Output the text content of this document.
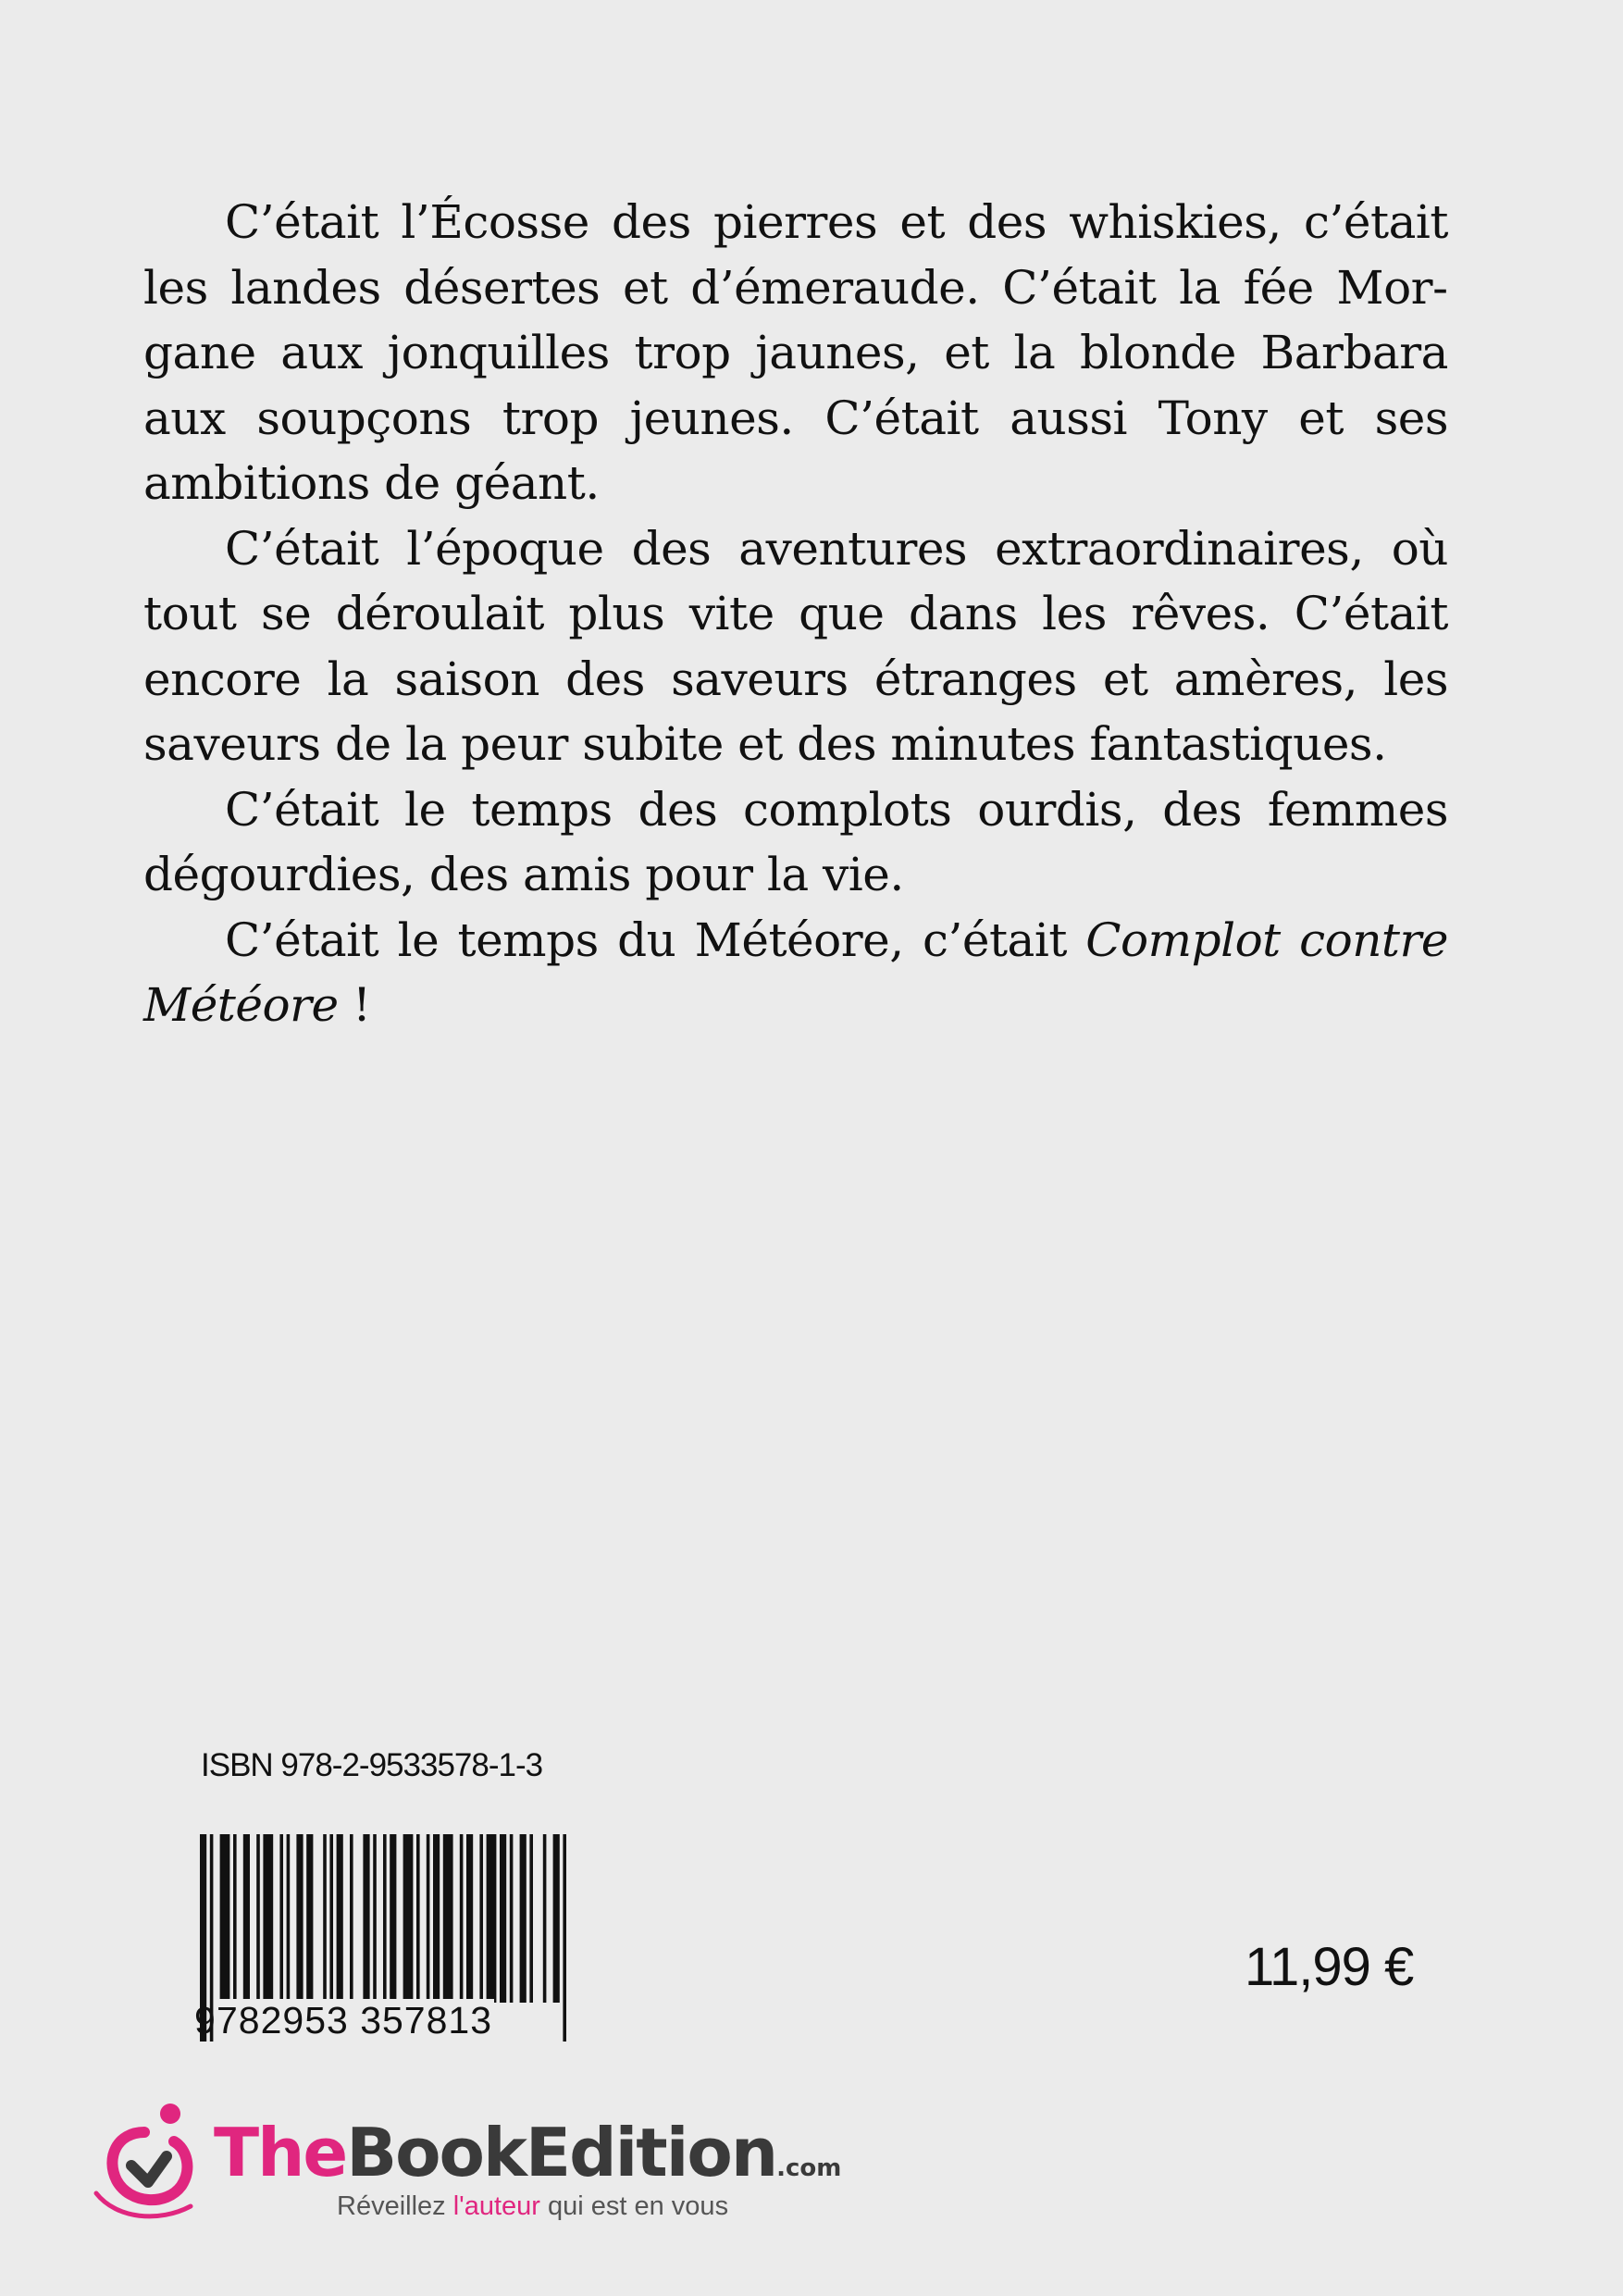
C’était l’Écosse des pierres et des whiskies, c’était les landes désertes et d’émeraude. C’était la fée Morgane aux jonquilles trop jaunes, et la blonde Barbara aux soupçons trop jeunes. C’était aussi Tony et ses ambitions de géant.

C’était l’époque des aventures extraordinaires, où tout se déroulait plus vite que dans les rêves. C’était encore la saison des saveurs étranges et amères, les saveurs de la peur subite et des minutes fantastiques.

C’était le temps des complots ourdis, des femmes dégourdies, des amis pour la vie.

C’était le temps du Météore, c’était Complot contre Météore !

ISBN 978-2-9533578-1-3
9 782953 357813
11,99 €
TheBookEdition.com
Réveillez l'auteur qui est en vous
